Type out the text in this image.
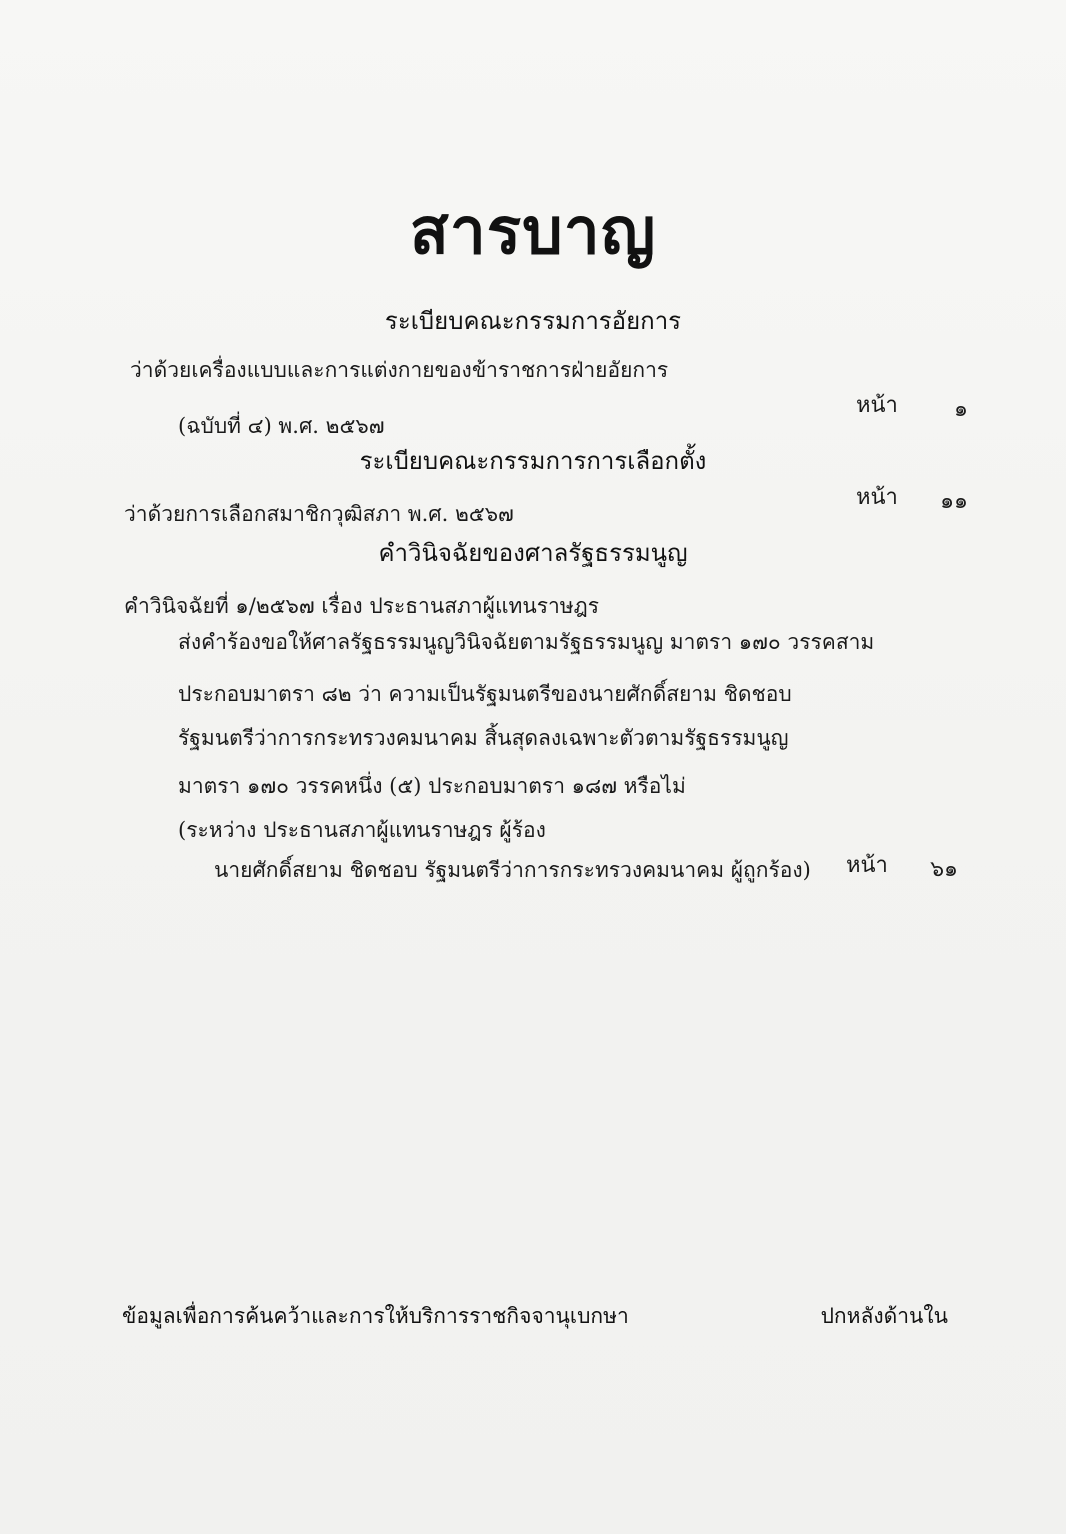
สารบาญ
ระเบียบคณะกรรมการอัยการ
ว่าด้วยเครื่องแบบและการแต่งกายของข้าราชการฝ่ายอัยการ
(ฉบับที่ ๔) พ.ศ. ๒๕๖๗
หน้า	๑
ระเบียบคณะกรรมการการเลือกตั้ง
ว่าด้วยการเลือกสมาชิกวุฒิสภา พ.ศ. ๒๕๖๗
หน้า ๑๑
คำวินิจฉัยของศาลรัฐธรรมนูญ
คำวินิจฉัยที่ ๑/๒๕๖๗ เรื่อง ประธานสภาผู้แทนราษฎร
ส่งคำร้องขอให้ศาลรัฐธรรมนูญวินิจฉัยตามรัฐธรรมนูญ มาตรา ๑๗๐ วรรคสาม
ประกอบมาตรา ๘๒ ว่า ความเป็นรัฐมนตรีของนายศักดิ์สยาม ชิดชอบ
รัฐมนตรีว่าการกระทรวงคมนาคม สิ้นสุดลงเฉพาะตัวตามรัฐธรรมนูญ
มาตรา ๑๗๐ วรรคหนึ่ง (๕) ประกอบมาตรา ๑๘๗ หรือไม่
(ระหว่าง ประธานสภาผู้แทนราษฎร ผู้ร้อง
นายศักดิ์สยาม ชิดชอบ รัฐมนตรีว่าการกระทรวงคมนาคม ผู้ถูกร้อง) หน้า ๖๑
ข้อมูลเพื่อการค้นคว้าและการให้บริการราชกิจจานุเบกษา	ปกหลังด้านใน
